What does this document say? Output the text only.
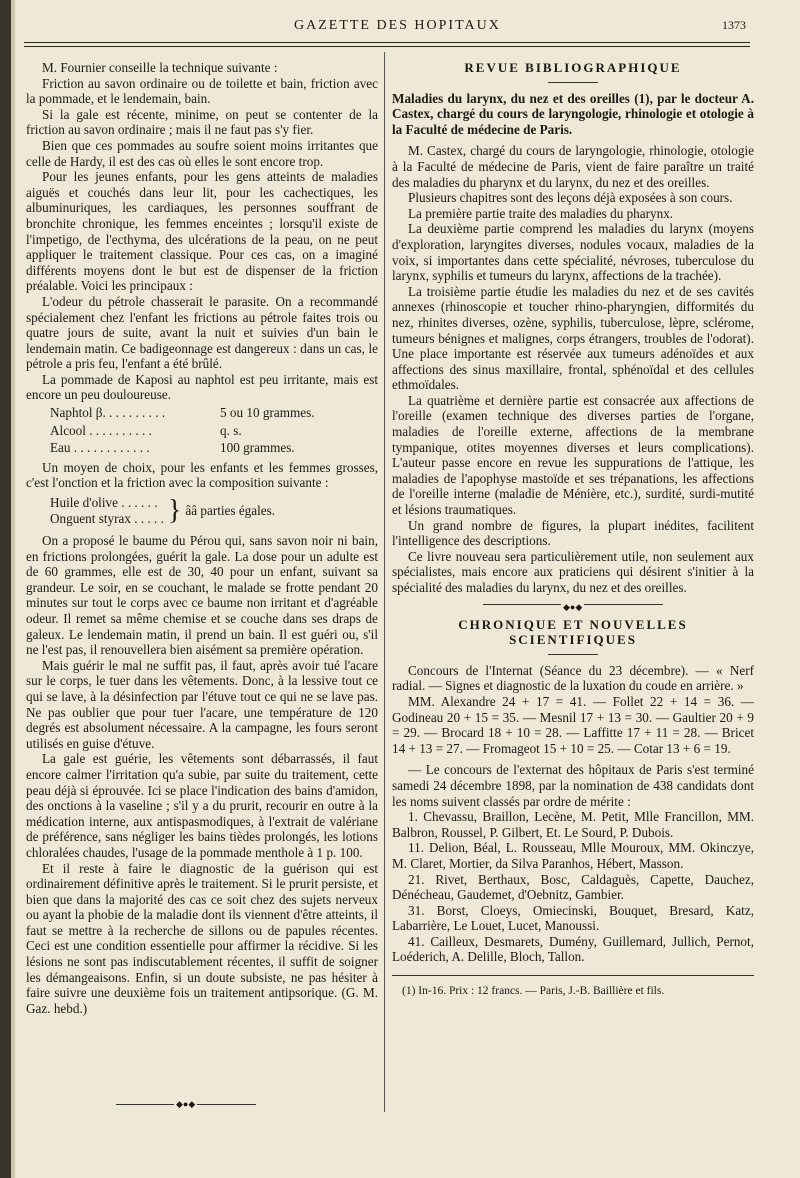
GAZETTE DES HOPITAUX	1373

M. Fournier conseille la technique suivante :

Friction au savon ordinaire ou de toilette et bain, friction avec la pommade, et le lendemain, bain.

Si la gale est récente, minime, on peut se contenter de la friction au savon ordinaire ; mais il ne faut pas s'y fier.

Bien que ces pommades au soufre soient moins irritantes que celle de Hardy, il est des cas où elles le sont encore trop.

Pour les jeunes enfants, pour les gens atteints de maladies aiguës et couchés dans leur lit, pour les cachectiques, les albuminuriques, les cardiaques, les personnes souffrant de bronchite chronique, les femmes enceintes ; lorsqu'il existe de l'impetigo, de l'ecthyma, des ulcérations de la peau, on ne peut appliquer le traitement classique. Pour ces cas, on a imaginé différents moyens dont le but est de dispenser de la friction préalable. Voici les principaux :

L'odeur du pétrole chasserait le parasite. On a recommandé spécialement chez l'enfant les frictions au pétrole faites trois ou quatre jours de suite, avant la nuit et suivies d'un bain le lendemain matin. Ce badigeonnage est dangereux : dans un cas, le pétrole a pris feu, l'enfant a été brûlé.

La pommade de Kaposi au naphtol est peu irritante, mais est encore un peu douloureuse.

Naphtol β. . . . . . . . . .	5 ou 10 grammes.
Alcool . . . . . . . . . .	q. s.
Eau . . . . . . . . . . . .	100 grammes.

Un moyen de choix, pour les enfants et les femmes grosses, c'est l'onction et la friction avec la composition suivante :

Huile d'olive . . . . . .
Onguent styrax . . . . . } ââ parties égales.

On a proposé le baume du Pérou qui, sans savon noir ni bain, en frictions prolongées, guérit la gale. La dose pour un adulte est de 60 grammes, elle est de 30, 40 pour un enfant, suivant sa grandeur. Le soir, en se couchant, le malade se frotte pendant 20 minutes sur tout le corps avec ce baume non irritant et d'agréable odeur. Il remet sa même chemise et se couche dans ses draps de galeux. Le lendemain matin, il prend un bain. Il est guéri ou, s'il ne l'est pas, il renouvellera bien aisément sa première opération.

Mais guérir le mal ne suffit pas, il faut, après avoir tué l'acare sur le corps, le tuer dans les vêtements. Donc, à la lessive tout ce qui se lave, à la désinfection par l'étuve tout ce qui ne se lave pas. Ne pas oublier que pour tuer l'acare, une température de 120 degrés est absolument nécessaire. A la campagne, les fours seront utilisés en guise d'étuve.

La gale est guérie, les vêtements sont débarrassés, il faut encore calmer l'irritation qu'a subie, par suite du traitement, cette peau déjà si éprouvée. Ici se place l'indication des bains d'amidon, des onctions à la vaseline ; s'il y a du prurit, recourir en outre à la médication interne, aux antispasmodiques, à l'extrait de valériane de préférence, sans négliger les bains tièdes prolongés, les lotions chloralées chaudes, l'usage de la pommade menthole à 1 p. 100.

Et il reste à faire le diagnostic de la guérison qui est ordinairement définitive après le traitement. Si le prurit persiste, et bien que dans la majorité des cas ce soit chez des sujets nerveux ou ayant la phobie de la maladie dont ils viennent d'être atteints, il faut se mettre à la recherche de sillons ou de papules récentes. Ceci est une condition essentielle pour affirmer la récidive. Si les lésions ne sont pas indiscutablement récentes, il suffit de soigner les démangeaisons. Enfin, si un doute subsiste, ne pas hésiter à faire suivre une deuxième fois un traitement antipsorique. (G. M. Gaz. hebd.)

◆●◆

REVUE BIBLIOGRAPHIQUE

Maladies du larynx, du nez et des oreilles (1), par le docteur A. Castex, chargé du cours de laryngologie, rhinologie et otologie à la Faculté de médecine de Paris.

M. Castex, chargé du cours de laryngologie, rhinologie, otologie à la Faculté de médecine de Paris, vient de faire paraître un traité des maladies du pharynx et du larynx, du nez et des oreilles.

Plusieurs chapitres sont des leçons déjà exposées à son cours.

La première partie traite des maladies du pharynx.

La deuxième partie comprend les maladies du larynx (moyens d'exploration, laryngites diverses, nodules vocaux, maladies de la voix, si importantes dans cette spécialité, névroses, tuberculose du larynx, syphilis et tumeurs du larynx, affections de la trachée).

La troisième partie étudie les maladies du nez et de ses cavités annexes (rhinoscopie et toucher rhino-pharyngien, difformités du nez, rhinites diverses, ozène, syphilis, tuberculose, lèpre, sclérome, tumeurs bénignes et malignes, corps étrangers, troubles de l'odorat). Une place importante est réservée aux tumeurs adénoïdes et aux affections des sinus maxillaire, frontal, sphénoïdal et des cellules ethmoïdales.

La quatrième et dernière partie est consacrée aux affections de l'oreille (examen technique des diverses parties de l'organe, maladies de l'oreille externe, affections de la membrane tympanique, otites moyennes diverses et leurs complications). L'auteur passe encore en revue les suppurations de l'attique, les maladies de l'apophyse mastoïde et ses trépanations, les affections de l'oreille interne (maladie de Ménière, etc.), surdité, surdi-mutité et lésions traumatiques.

Un grand nombre de figures, la plupart inédites, facilitent l'intelligence des descriptions.

Ce livre nouveau sera particulièrement utile, non seulement aux spécialistes, mais encore aux praticiens qui désirent s'initier à la spécialité des maladies du larynx, du nez et des oreilles.

◆●◆

CHRONIQUE ET NOUVELLES SCIENTIFIQUES

Concours de l'Internat (Séance du 23 décembre). — « Nerf radial. — Signes et diagnostic de la luxation du coude en arrière. »

MM. Alexandre 24 + 17 = 41. — Follet 22 + 14 = 36. — Godineau 20 + 15 = 35. — Mesnil 17 + 13 = 30. — Gaultier 20 + 9 = 29. — Brocard 18 + 10 = 28. — Laffitte 17 + 11 = 28. — Bricet 14 + 13 = 27. — Fromageot 15 + 10 = 25. — Cotar 13 + 6 = 19.

— Le concours de l'externat des hôpitaux de Paris s'est terminé samedi 24 décembre 1898, par la nomination de 438 candidats dont les noms suivent classés par ordre de mérite :

1. Chevassu, Braillon, Lecène, M. Petit, Mlle Francillon, MM. Balbron, Roussel, P. Gilbert, Et. Le Sourd, P. Dubois.

11. Delion, Béal, L. Rousseau, Mlle Mouroux, MM. Okinczye, M. Claret, Mortier, da Silva Paranhos, Hébert, Masson.

21. Rivet, Berthaux, Bosc, Caldaguès, Capette, Dauchez, Dénécheau, Gaudemet, d'Oebnitz, Gambier.

31. Borst, Cloeys, Omiecinski, Bouquet, Bresard, Katz, Labarrière, Le Louet, Lucet, Manoussi.

41. Cailleux, Desmarets, Dumény, Guillemard, Jullich, Pernot, Loéderich, A. Delille, Bloch, Tallon.

(1) In-16. Prix : 12 francs. — Paris, J.-B. Baillière et fils.
